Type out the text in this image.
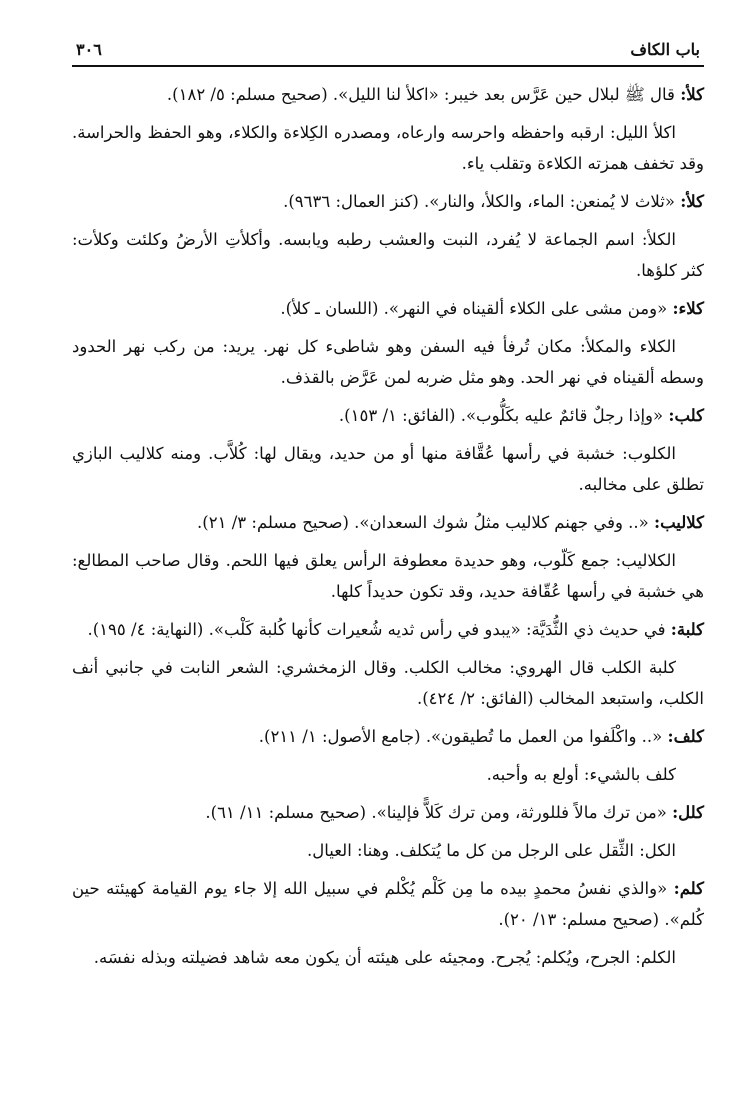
باب الكاف
٣٠٦

كلأ: قال ﷺ لبلال حين عَرَّس بعد خيبر: «اكلأ لنا الليل». (صحيح مسلم: ٥/ ١٨٢).

اكلأ الليل: ارقبه واحفظه واحرسه وارعاه، ومصدره الكِلاءة والكلاء، وهو الحفظ والحراسة. وقد تخفف همزته الكلاءة وتقلب ياء.

كلأ: «ثلاث لا يُمنعن: الماء، والكلأ، والنار». (كنز العمال: ٩٦٣٦).

الكلأ: اسم الجماعة لا يُفرد، النبت والعشب رطبه ويابسه. وأكلأتِ الأرضُ وكلئت وكلأت: كثر كلؤها.

كلاء: «ومن مشى على الكلاء ألقيناه في النهر». (اللسان ـ كلأ).

الكلاء والمكلأ: مكان تُرفأ فيه السفن وهو شاطىء كل نهر. يريد: من ركب نهر الحدود وسطه ألقيناه في نهر الحد. وهو مثل ضربه لمن عَرَّض بالقذف.

كلب: «وإذا رجلٌ قائمٌ عليه بكَلُّوب». (الفائق: ١/ ١٥٣).

الكلوب: خشبة في رأسها عُقَّافة منها أو من حديد، ويقال لها: كُلاَّب. ومنه كلاليب البازي تطلق على مخالبه.

كلاليب: «.. وفي جهنم كلاليب مثلُ شوك السعدان». (صحيح مسلم: ٣/ ٢١).

الكلاليب: جمع كَلّوب، وهو حديدة معطوفة الرأس يعلق فيها اللحم. وقال صاحب المطالع: هي خشبة في رأسها عُقّافة حديد، وقد تكون حديداً كلها.

كلبة: في حديث ذي الثُّدَيَّة: «يبدو في رأس ثديه شُعيرات كأنها كُلبة كَلْب». (النهاية: ٤/ ١٩٥).

كلبة الكلب قال الهروي: مخالب الكلب. وقال الزمخشري: الشعر النابت في جانبي أنف الكلب، واستبعد المخالب (الفائق: ٢/ ٤٢٤).

كلف: «.. واكْلَفوا من العمل ما تُطيقون». (جامع الأصول: ١/ ٢١١).

كلف بالشيء: أولع به وأحبه.

كلل: «من ترك مالاً فللورثة، ومن ترك كَلاًّ فإلينا». (صحيح مسلم: ١١/ ٦١).

الكل: الثِّقل على الرجل من كل ما يُتكلف. وهنا: العيال.

كلم: «والذي نفسُ محمدٍ بيده ما مِن كَلْم يُكْلم في سبيل الله إلا جاء يوم القيامة كهيئته حين كُلم». (صحيح مسلم: ١٣/ ٢٠).

الكلم: الجرح، ويُكلم: يُجرح. ومجيئه على هيئته أن يكون معه شاهد فضيلته وبذله نفسَه.
